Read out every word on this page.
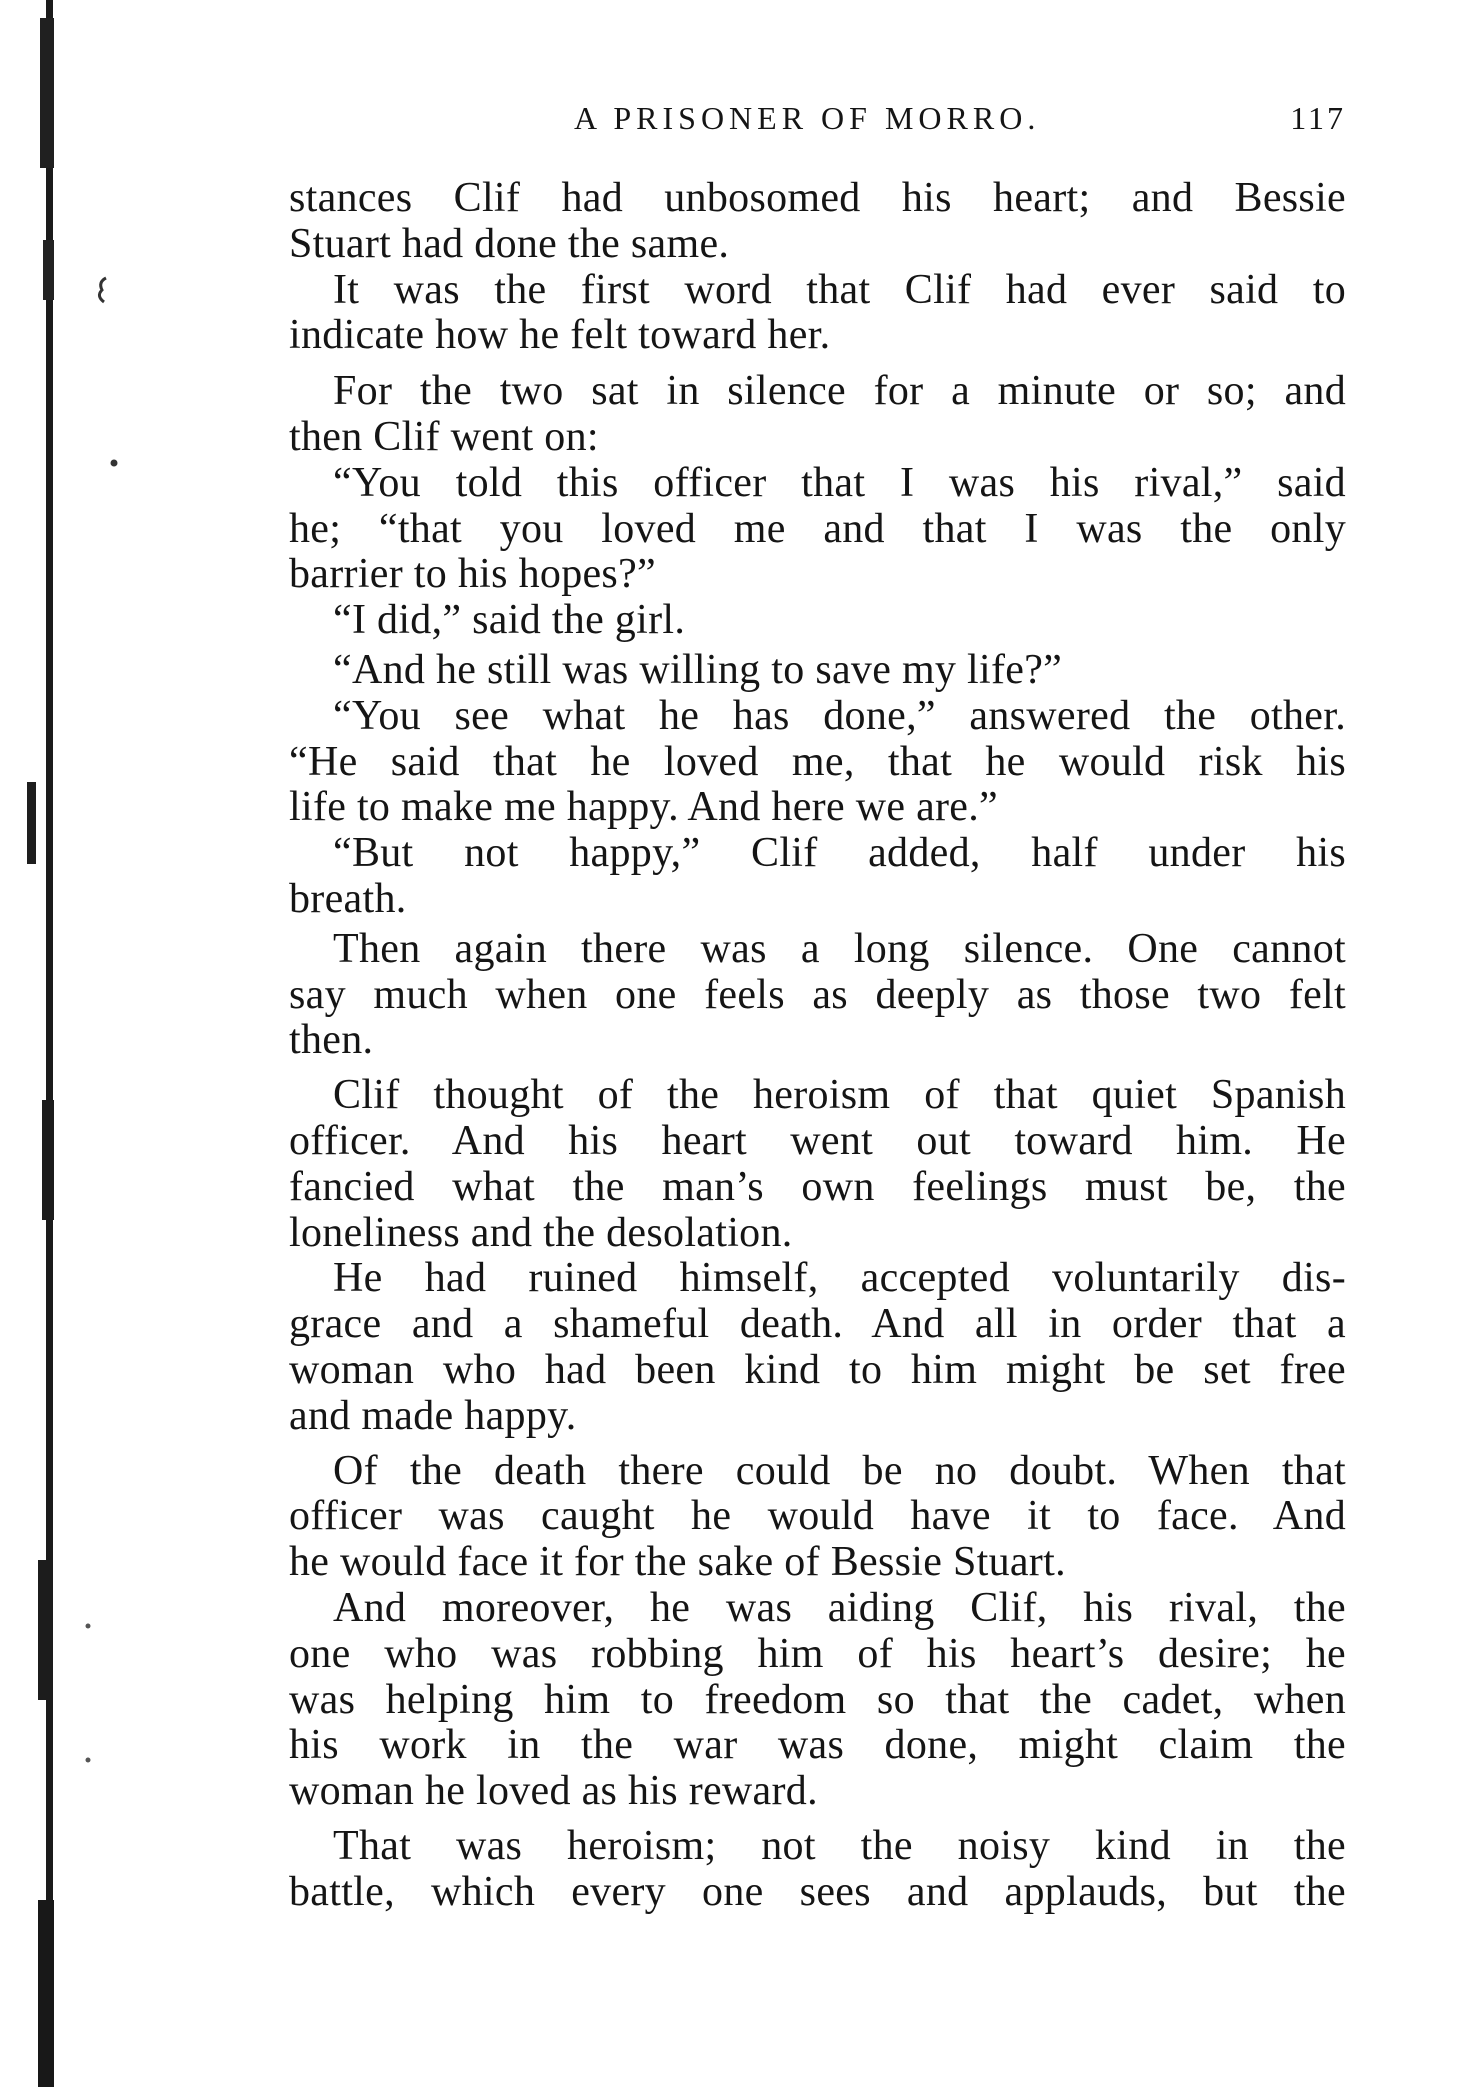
A PRISONER OF MORRO.	117
stances Clif had unbosomed his heart; and Bessie
Stuart had done the same.
It was the first word that Clif had ever said to
indicate how he felt toward her.
For the two sat in silence for a minute or so; and
then Clif went on:
“You told this officer that I was his rival,” said
he; “that you loved me and that I was the only
barrier to his hopes?”
“I did,” said the girl.
“And he still was willing to save my life?”
“You see what he has done,” answered the other.
“He said that he loved me, that he would risk his
life to make me happy. And here we are.”
“But not happy,” Clif added, half under his
breath.
Then again there was a long silence. One cannot
say much when one feels as deeply as those two felt
then.
Clif thought of the heroism of that quiet Spanish
officer. And his heart went out toward him. He
fancied what the man’s own feelings must be, the
loneliness and the desolation.
He had ruined himself, accepted voluntarily dis-
grace and a shameful death. And all in order that a
woman who had been kind to him might be set free
and made happy.
Of the death there could be no doubt. When that
officer was caught he would have it to face. And
he would face it for the sake of Bessie Stuart.
And moreover, he was aiding Clif, his rival, the
one who was robbing him of his heart’s desire; he
was helping him to freedom so that the cadet, when
his work in the war was done, might claim the
woman he loved as his reward.
That was heroism; not the noisy kind in the
battle, which every one sees and applauds, but the
